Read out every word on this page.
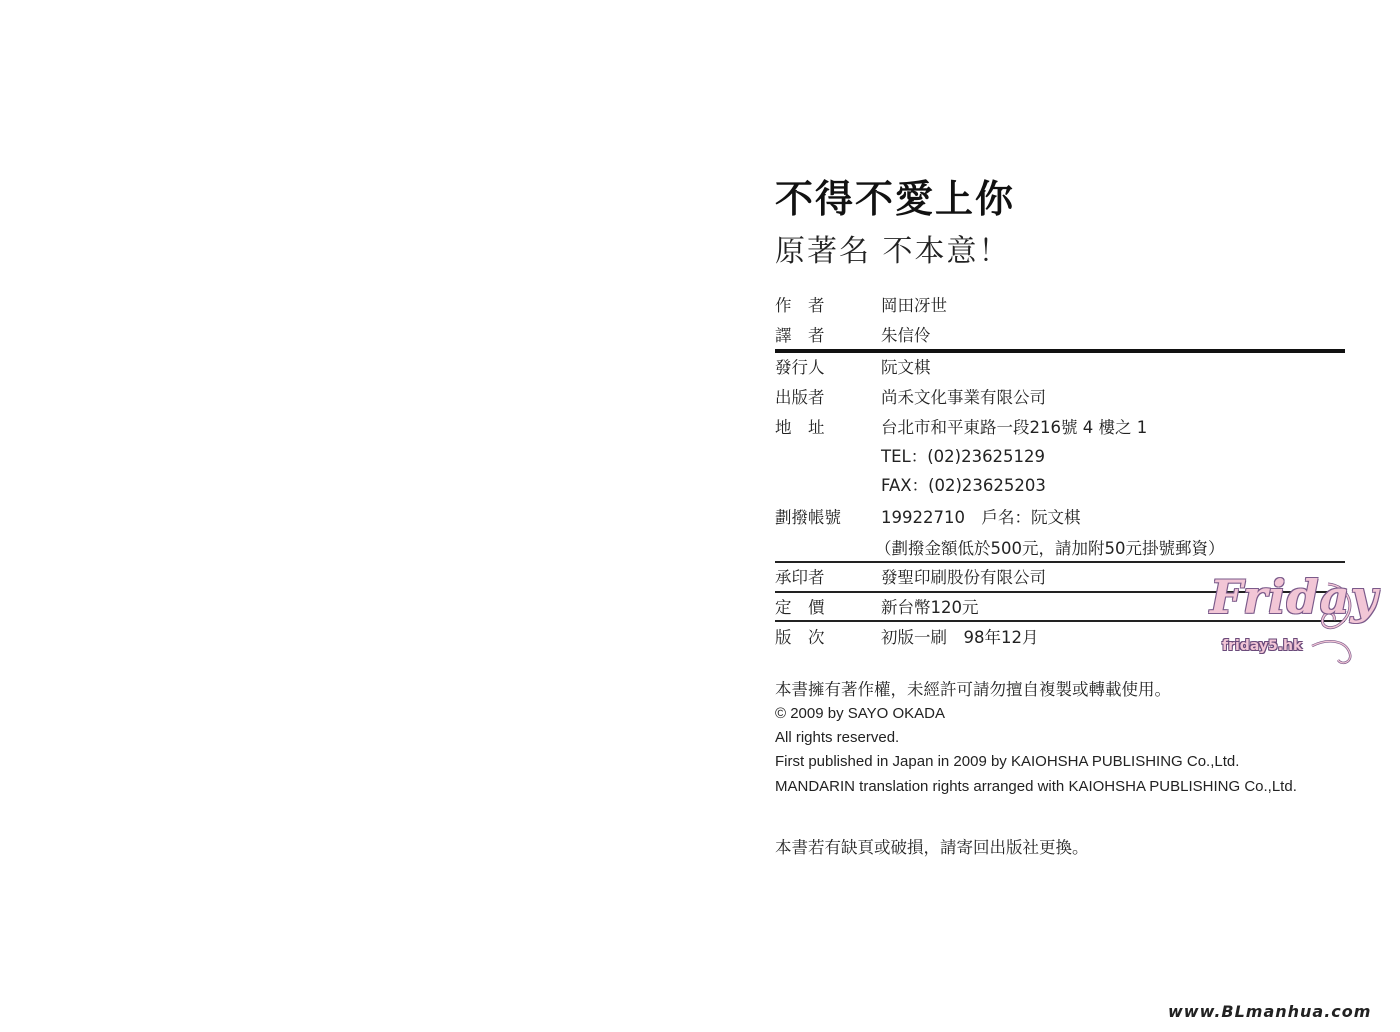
不得不愛上你
原著名 不本意！
作　者	岡田冴世
譯　者	朱信伶
發行人	阮文棋
出版者	尚禾文化事業有限公司
地　址	台北市和平東路一段216號 4 樓之 1
TEL：(02)23625129
FAX：(02)23625203
劃撥帳號	19922710　戶名：阮文棋
（劃撥金額低於500元，請加附50元掛號郵資）
承印者	發聖印刷股份有限公司
定　價	新台幣120元
版　次	初版一刷　98年12月
本書擁有著作權，未經許可請勿擅自複製或轉載使用。
© 2009 by SAYO OKADA
All rights reserved.
First published in Japan in 2009 by KAIOHSHA PUBLISHING Co.,Ltd.
MANDARIN translation rights arranged with KAIOHSHA PUBLISHING Co.,Ltd.
本書若有缺頁或破損，請寄回出版社更換。
Friday
friday5.hk
www.BLmanhua.com
